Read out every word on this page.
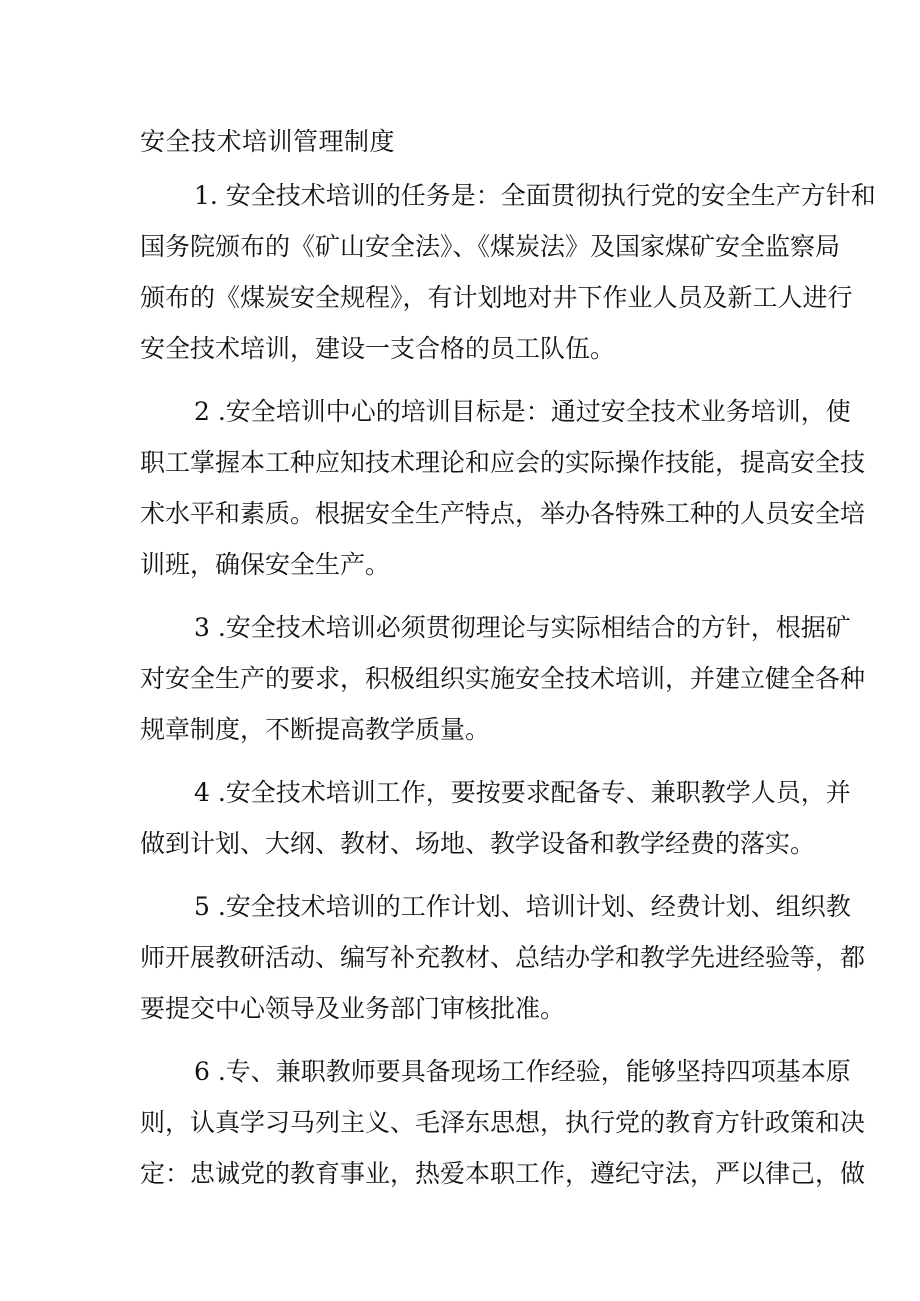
安全技术培训管理制度
1. 安全技术培训的任务是：全面贯彻执行党的安全生产方针和
国务院颁布的《矿山安全法》、《煤炭法》及国家煤矿安全监察局
颁布的《煤炭安全规程》，有计划地对井下作业人员及新工人进行
安全技术培训，建设一支合格的员工队伍。
2 .安全培训中心的培训目标是：通过安全技术业务培训，使
职工掌握本工种应知技术理论和应会的实际操作技能，提高安全技
术水平和素质。根据安全生产特点，举办各特殊工种的人员安全培
训班，确保安全生产。
3 .安全技术培训必须贯彻理论与实际相结合的方针，根据矿
对安全生产的要求，积极组织实施安全技术培训，并建立健全各种
规章制度，不断提高教学质量。
4 .安全技术培训工作，要按要求配备专、兼职教学人员，并
做到计划、大纲、教材、场地、教学设备和教学经费的落实。
5 .安全技术培训的工作计划、培训计划、经费计划、组织教
师开展教研活动、编写补充教材、总结办学和教学先进经验等，都
要提交中心领导及业务部门审核批准。
6 .专、兼职教师要具备现场工作经验，能够坚持四项基本原
则，认真学习马列主义、毛泽东思想，执行党的教育方针政策和决
定：忠诚党的教育事业，热爱本职工作，遵纪守法，严以律己，做
